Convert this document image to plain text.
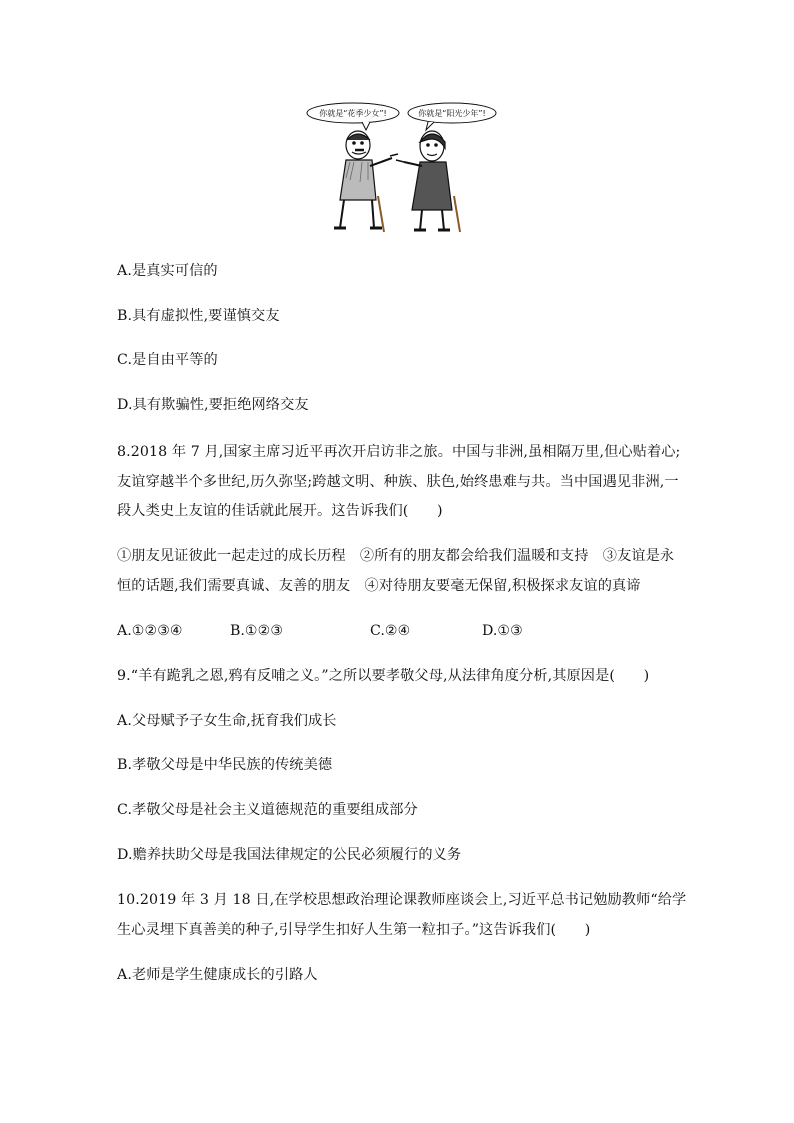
你就是“花季少女”!	你就是“阳光少年”!
A.是真实可信的
B.具有虚拟性,要谨慎交友
C.是自由平等的
D.具有欺骗性,要拒绝网络交友
8.2018 年 7 月,国家主席习近平再次开启访非之旅。中国与非洲,虽相隔万里,但心贴着心;
友谊穿越半个多世纪,历久弥坚;跨越文明、种族、肤色,始终患难与共。当中国遇见非洲,一
段人类史上友谊的佳话就此展开。这告诉我们(　　)
①朋友见证彼此一起走过的成长历程　②所有的朋友都会给我们温暖和支持　③友谊是永
恒的话题,我们需要真诚、友善的朋友　④对待朋友要毫无保留,积极探求友谊的真谛
A.①②③④	B.①②③	C.②④	D.①③
9.“羊有跪乳之恩,鸦有反哺之义。”之所以要孝敬父母,从法律角度分析,其原因是(　　)
A.父母赋予子女生命,抚育我们成长
B.孝敬父母是中华民族的传统美德
C.孝敬父母是社会主义道德规范的重要组成部分
D.赡养扶助父母是我国法律规定的公民必须履行的义务
10.2019 年 3 月 18 日,在学校思想政治理论课教师座谈会上,习近平总书记勉励教师“给学
生心灵埋下真善美的种子,引导学生扣好人生第一粒扣子。”这告诉我们(　　)
A.老师是学生健康成长的引路人
